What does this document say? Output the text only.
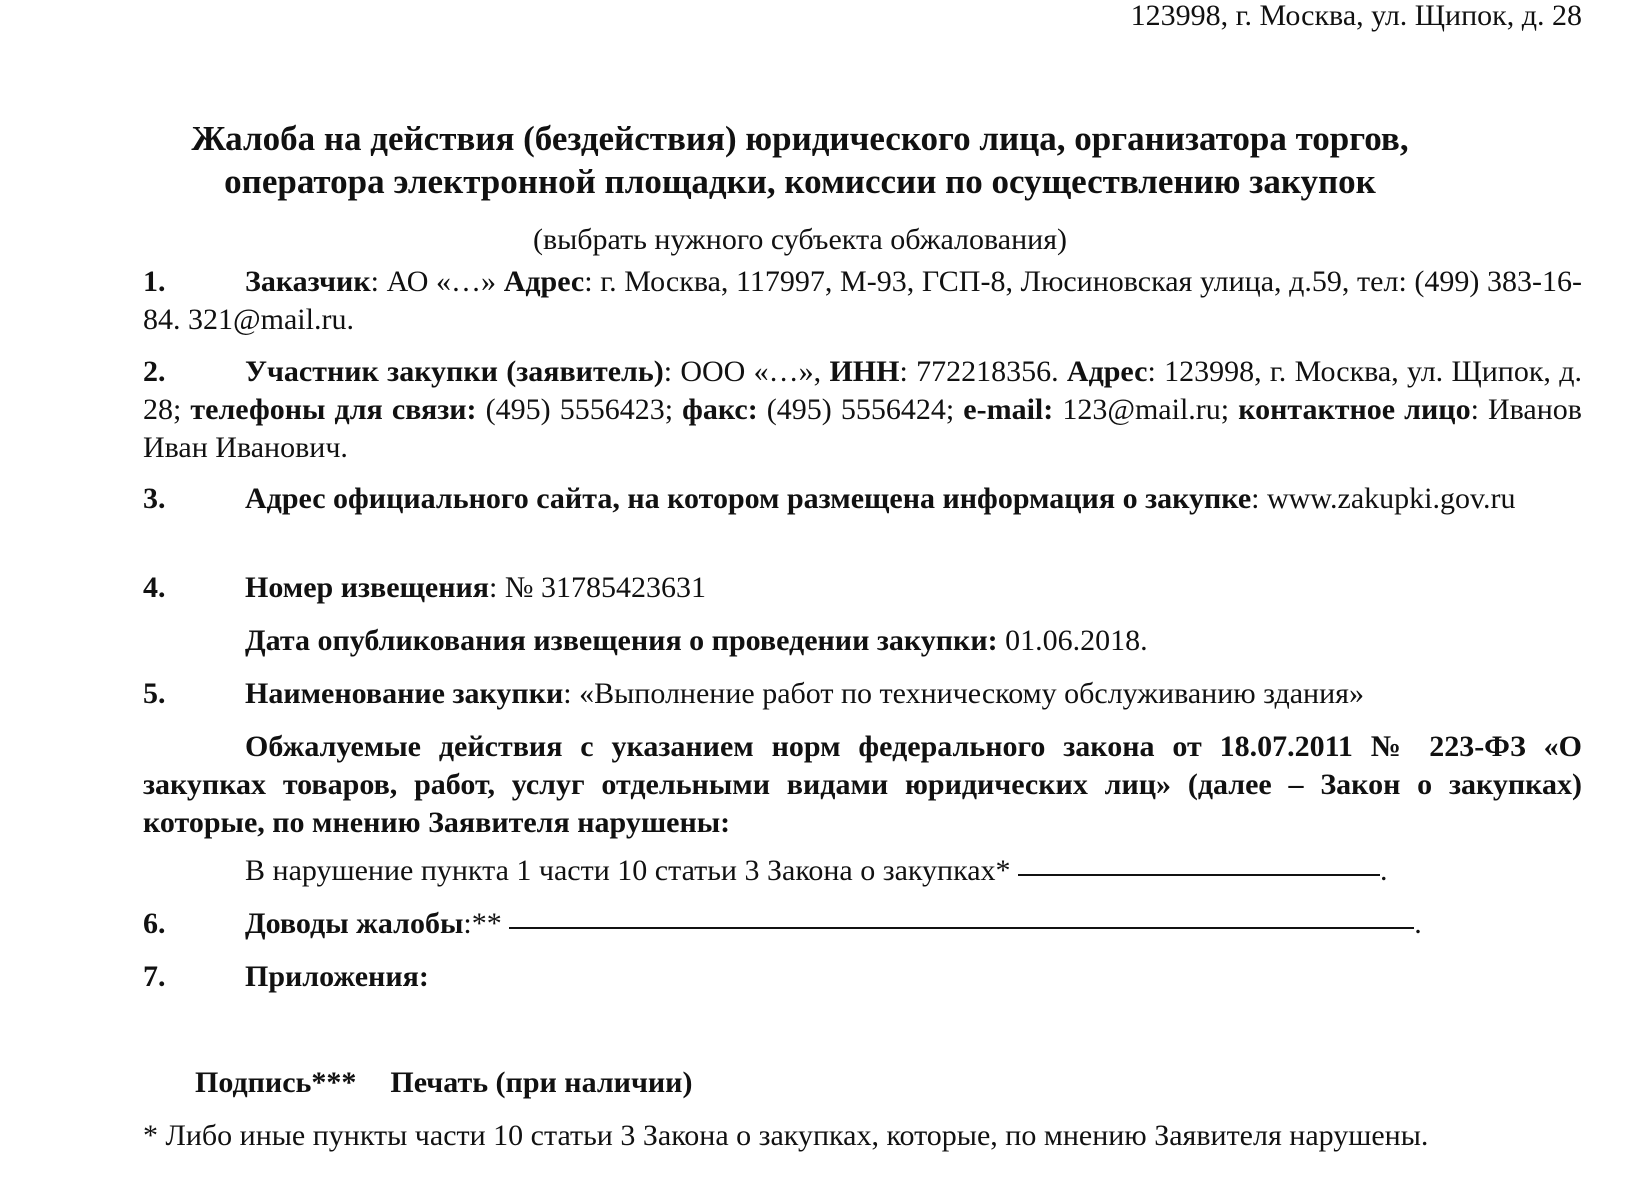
123998, г. Москва, ул. Щипок, д. 28

Жалоба на действия (бездействия) юридического лица, организатора торгов,
оператора электронной площадки, комиссии по осуществлению закупок

(выбрать нужного субъекта обжалования)

1.	Заказчик: АО «…» Адрес: г. Москва, 117997, М-93, ГСП-8, Люсиновская улица, д.59, тел: (499) 383-16-84. 321@mail.ru.

2.	Участник закупки (заявитель): ООО «…», ИНН: 772218356. Адрес: 123998, г. Москва, ул. Щипок, д. 28; телефоны для связи: (495) 5556423; факс: (495) 5556424; e-mail: 123@mail.ru; контактное лицо: Иванов Иван Иванович.

3.	Адрес официального сайта, на котором размещена информация о закупке: www.zakupki.gov.ru

4.	Номер извещения: № 31785423631

Дата опубликования извещения о проведении закупки: 01.06.2018.

5.	Наименование закупки: «Выполнение работ по техническому обслуживанию здания»

Обжалуемые действия с указанием норм федерального закона от 18.07.2011 № 223-ФЗ «О закупках товаров, работ, услуг отдельными видами юридических лиц» (далее – Закон о закупках) которые, по мнению Заявителя нарушены:

В нарушение пункта 1 части 10 статьи 3 Закона о закупках*	.

6.	Доводы жалобы:**	.

7.	Приложения:

Подпись*** Печать (при наличии)

* Либо иные пункты части 10 статьи 3 Закона о закупках, которые, по мнению Заявителя нарушены.
